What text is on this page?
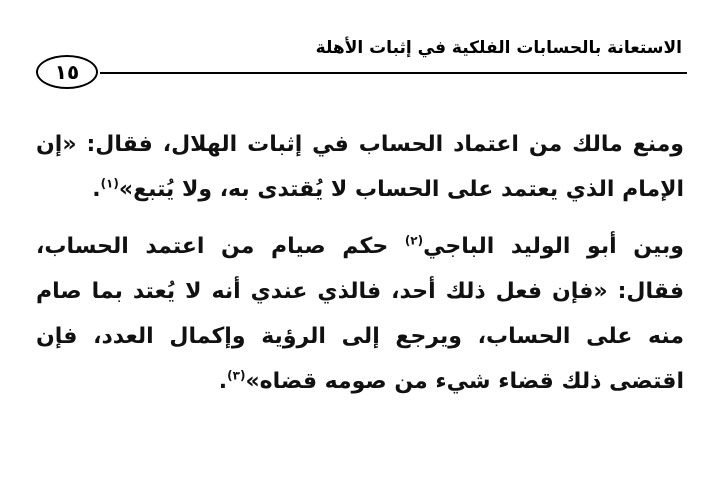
الاستعانة بالحسابات الفلكية في إثبات الأهلة
١٥

ومنع مالك من اعتماد الحساب في إثبات الهلال، فقال: «إن الإمام الذي يعتمد على الحساب لا يُقتدى به، ولا يُتبع»$^{(١)}$.

وبين أبو الوليد الباجي$^{(٢)}$ حكم صيام من اعتمد الحساب، فقال: «فإن فعل ذلك أحد، فالذي عندي أنه لا يُعتد بما صام منه على الحساب، ويرجع إلى الرؤية وإكمال العدد، فإن اقتضى ذلك قضاء شيء من صومه قضاه»$^{(٣)}$.
